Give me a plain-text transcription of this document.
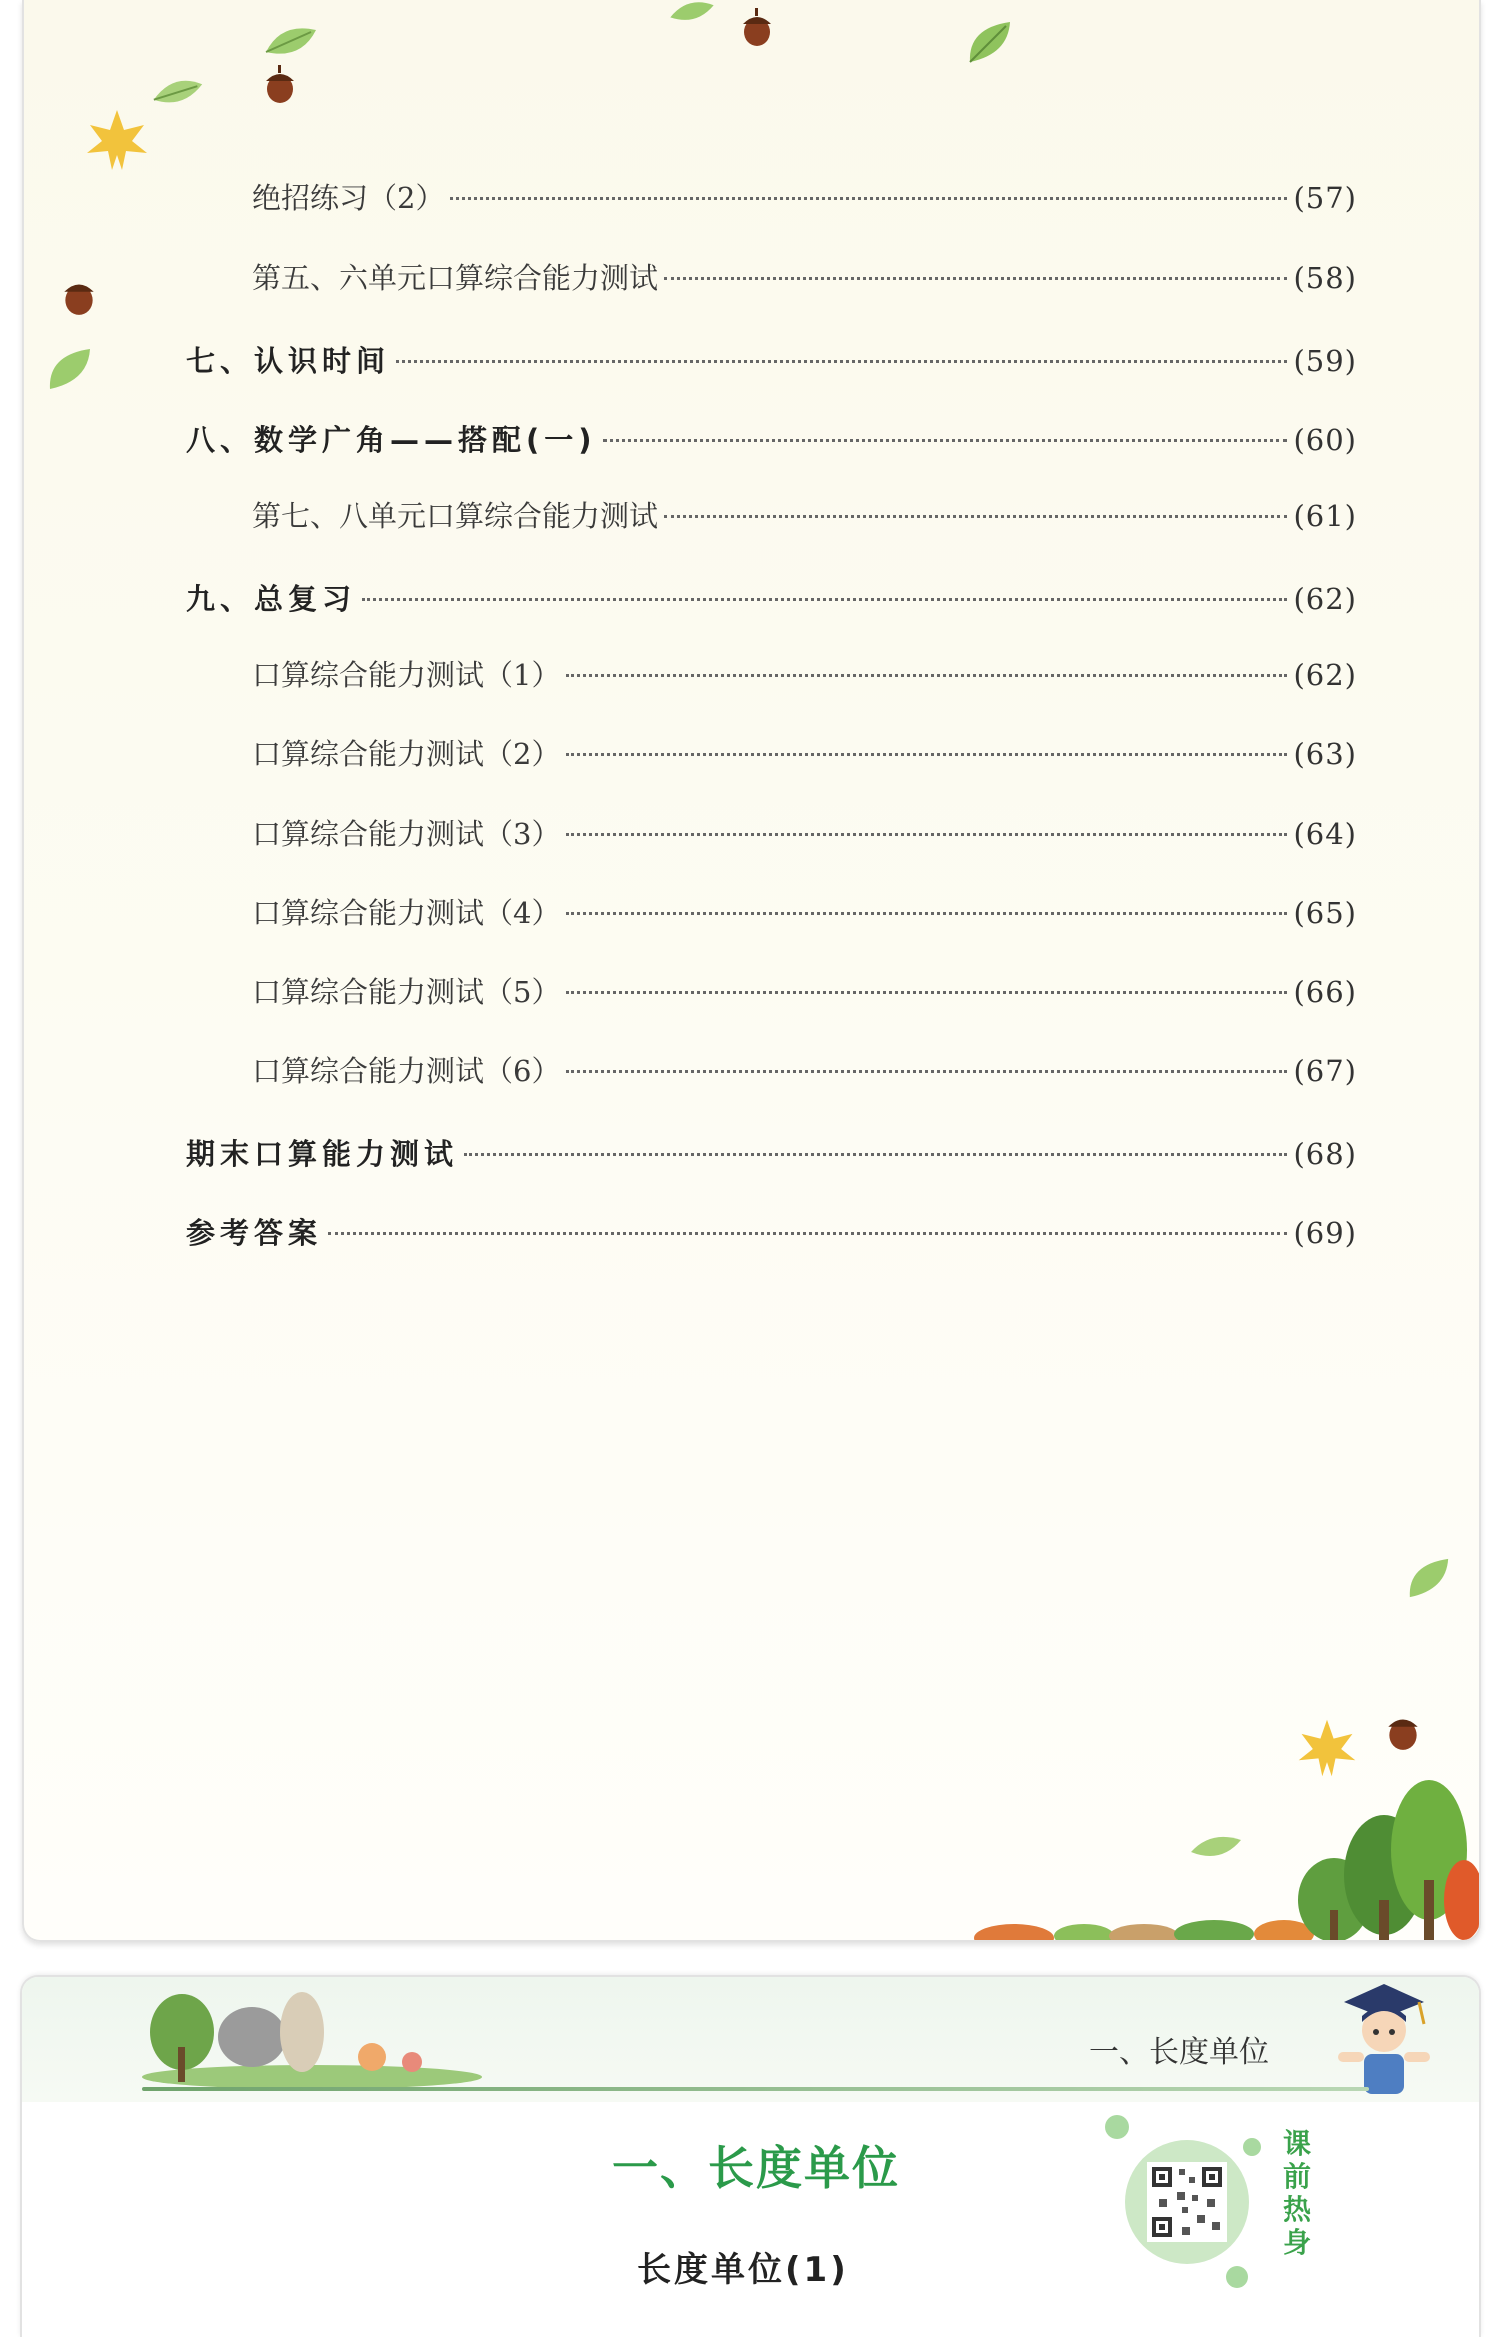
绝招练习（2）	(57)
第五、六单元口算综合能力测试	(58)
七、认识时间	(59)
八、数学广角——搭配(一)	(60)
第七、八单元口算综合能力测试	(61)
九、总复习	(62)
口算综合能力测试（1）	(62)
口算综合能力测试（2）	(63)
口算综合能力测试（3）	(64)
口算综合能力测试（4）	(65)
口算综合能力测试（5）	(66)
口算综合能力测试（6）	(67)
期末口算能力测试	(68)
参考答案	(69)
一、长度单位
一、长度单位
长度单位(1)
课前热身
